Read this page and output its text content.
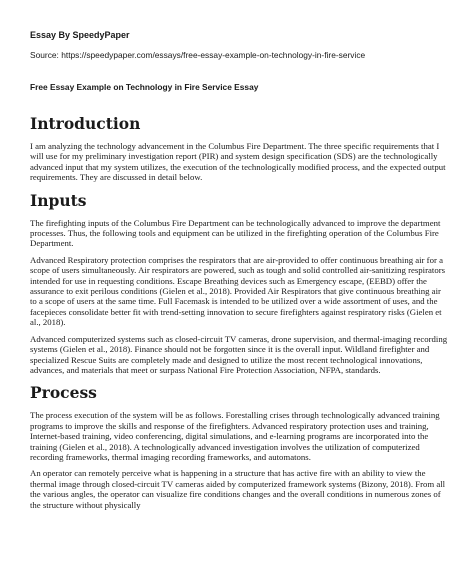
Essay By SpeedyPaper
Source: https://speedypaper.com/essays/free-essay-example-on-technology-in-fire-service
Free Essay Example on Technology in Fire Service Essay
Introduction

I am analyzing the technology advancement in the Columbus Fire Department. The three specific requirements that I will use for my preliminary investigation report (PIR) and system design specification (SDS) are the technologically advanced input that my system utilizes, the execution of the technologically modified process, and the expected output requirements. They are discussed in detail below.

Inputs

The firefighting inputs of the Columbus Fire Department can be technologically advanced to improve the department processes. Thus, the following tools and equipment can be utilized in the firefighting operation of the Columbus Fire Department.

Advanced Respiratory protection comprises the respirators that are air-provided to offer continuous breathing air for a scope of users simultaneously. Air respirators are powered, such as tough and solid controlled air-sanitizing respirators intended for use in requesting conditions. Escape Breathing devices such as Emergency escape, (EEBD) offer the assurance to exit perilous conditions (Gielen et al., 2018). Provided Air Respirators that give continuous breathing air to a scope of users at the same time. Full Facemask is intended to be utilized over a wide assortment of uses, and the facepieces consolidate better fit with trend-setting innovation to secure firefighters against respiratory risks (Gielen et al., 2018).

Advanced computerized systems such as closed-circuit TV cameras, drone supervision, and thermal-imaging recording systems (Gielen et al., 2018). Finance should not be forgotten since it is the overall input. Wildland firefighter and specialized Rescue Suits are completely made and designed to utilize the most recent technological innovations, advances, and materials that meet or surpass National Fire Protection Association, NFPA, standards.

Process

The process execution of the system will be as follows. Forestalling crises through technologically advanced training programs to improve the skills and response of the firefighters. Advanced respiratory protection uses and training, Internet-based training, video conferencing, digital simulations, and e-learning programs are incorporated into the training (Gielen et al., 2018). A technologically advanced investigation involves the utilization of computerized recording frameworks, thermal imaging recording frameworks, and automatons.

An operator can remotely perceive what is happening in a structure that has active fire with an ability to view the thermal image through closed-circuit TV cameras aided by computerized framework systems (Bizony, 2018). From all the various angles, the operator can visualize fire conditions changes and the overall conditions in numerous zones of the structure without physically
